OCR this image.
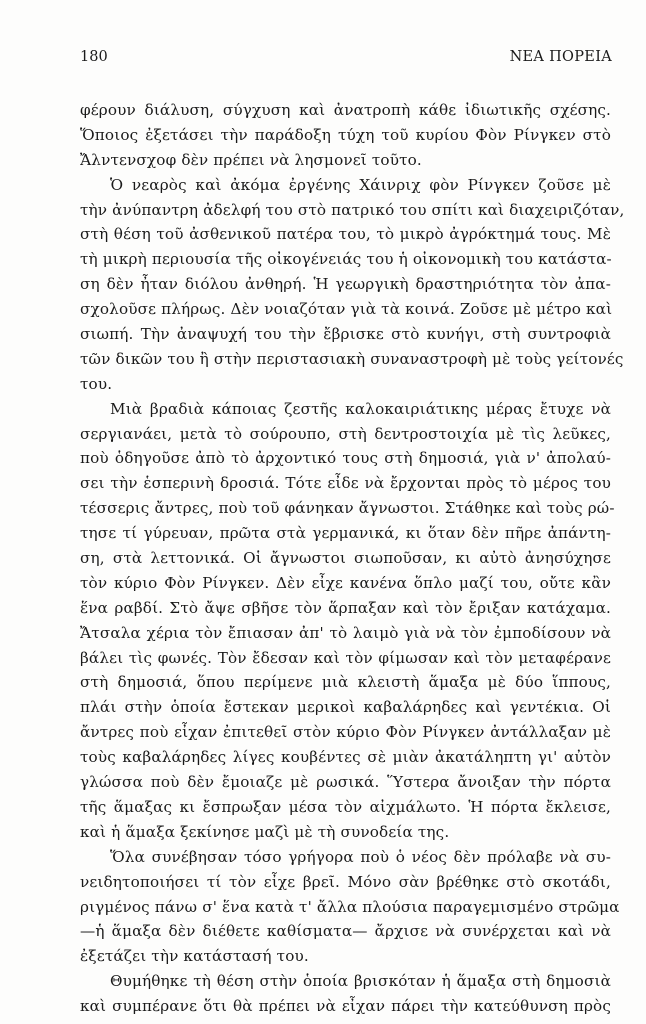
180	ΝΕΑ ΠΟΡΕΙΑ
φέρουν διάλυση, σύγχυση καὶ ἀνατροπὴ κάθε ἰδιωτικῆς σχέσης.
Ὅποιος ἐξετάσει τὴν παράδοξη τύχη τοῦ κυρίου Φὸν Ρίνγκεν στὸ
Ἄλντενσχοφ δὲν πρέπει νὰ λησμονεῖ τοῦτο.
Ὁ νεαρὸς καὶ ἀκόμα ἐργένης Χάινριχ φὸν Ρίνγκεν ζοῦσε μὲ
τὴν ἀνύπαντρη ἀδελφή του στὸ πατρικό του σπίτι καὶ διαχειριζόταν,
στὴ θέση τοῦ ἀσθενικοῦ πατέρα του, τὸ μικρὸ ἀγρόκτημά τους. Μὲ
τὴ μικρὴ περιουσία τῆς οἰκογένειάς του ἡ οἰκονομικὴ του κατάστα-
ση δὲν ἦταν διόλου ἀνθηρή. Ἡ γεωργικὴ δραστηριότητα τὸν ἀπα-
σχολοῦσε πλήρως. Δὲν νοιαζόταν γιὰ τὰ κοινά. Ζοῦσε μὲ μέτρο καὶ
σιωπή. Τὴν ἀναψυχή του τὴν ἔβρισκε στὸ κυνήγι, στὴ συντροφιὰ
τῶν δικῶν του ἢ στὴν περιστασιακὴ συναναστροφὴ μὲ τοὺς γείτονές
του.
Μιὰ βραδιὰ κάποιας ζεστῆς καλοκαιριάτικης μέρας ἔτυχε νὰ
σεργιανάει, μετὰ τὸ σούρουπο, στὴ δεντροστοιχία μὲ τὶς λεῦκες,
ποὺ ὁδηγοῦσε ἀπὸ τὸ ἀρχοντικό τους στὴ δημοσιά, γιὰ ν' ἀπολαύ-
σει τὴν ἑσπερινὴ δροσιά. Τότε εἶδε νὰ ἔρχονται πρὸς τὸ μέρος του
τέσσερις ἄντρες, ποὺ τοῦ φάνηκαν ἄγνωστοι. Στάθηκε καὶ τοὺς ρώ-
τησε τί γύρευαν, πρῶτα στὰ γερμανικά, κι ὅταν δὲν πῆρε ἀπάντη-
ση, στὰ λεττονικά. Οἱ ἄγνωστοι σιωποῦσαν, κι αὐτὸ ἀνησύχησε
τὸν κύριο Φὸν Ρίνγκεν. Δὲν εἶχε κανένα ὅπλο μαζί του, οὔτε κἂν
ἕνα ραβδί. Στὸ ἄψε σβῆσε τὸν ἅρπαξαν καὶ τὸν ἔριξαν κατάχαμα.
Ἄτσαλα χέρια τὸν ἔπιασαν ἀπ' τὸ λαιμὸ γιὰ νὰ τὸν ἐμποδίσουν νὰ
βάλει τὶς φωνές. Τὸν ἔδεσαν καὶ τὸν φίμωσαν καὶ τὸν μεταφέρανε
στὴ δημοσιά, ὅπου περίμενε μιὰ κλειστὴ ἅμαξα μὲ δύο ἵππους,
πλάι στὴν ὁποία ἔστεκαν μερικοὶ καβαλάρηδες καὶ γεντέκια. Οἱ
ἄντρες ποὺ εἶχαν ἐπιτεθεῖ στὸν κύριο Φὸν Ρίνγκεν ἀντάλλαξαν μὲ
τοὺς καβαλάρηδες λίγες κουβέντες σὲ μιὰν ἀκατάληπτη γι' αὐτὸν
γλώσσα ποὺ δὲν ἔμοιαζε μὲ ρωσικά. Ὕστερα ἄνοιξαν τὴν πόρτα
τῆς ἅμαξας κι ἔσπρωξαν μέσα τὸν αἰχμάλωτο. Ἡ πόρτα ἔκλεισε,
καὶ ἡ ἅμαξα ξεκίνησε μαζὶ μὲ τὴ συνοδεία της.
Ὅλα συνέβησαν τόσο γρήγορα ποὺ ὁ νέος δὲν πρόλαβε νὰ συ-
νειδητοποιήσει τί τὸν εἶχε βρεῖ. Μόνο σὰν βρέθηκε στὸ σκοτάδι,
ριγμένος πάνω σ' ἕνα κατὰ τ' ἄλλα πλούσια παραγεμισμένο στρῶμα
—ἡ ἅμαξα δὲν διέθετε καθίσματα— ἄρχισε νὰ συνέρχεται καὶ νὰ
ἐξετάζει τὴν κατάστασή του.
Θυμήθηκε τὴ θέση στὴν ὁποία βρισκόταν ἡ ἅμαξα στὴ δημοσιὰ
καὶ συμπέρανε ὅτι θὰ πρέπει νὰ εἶχαν πάρει τὴν κατεύθυνση πρὸς
